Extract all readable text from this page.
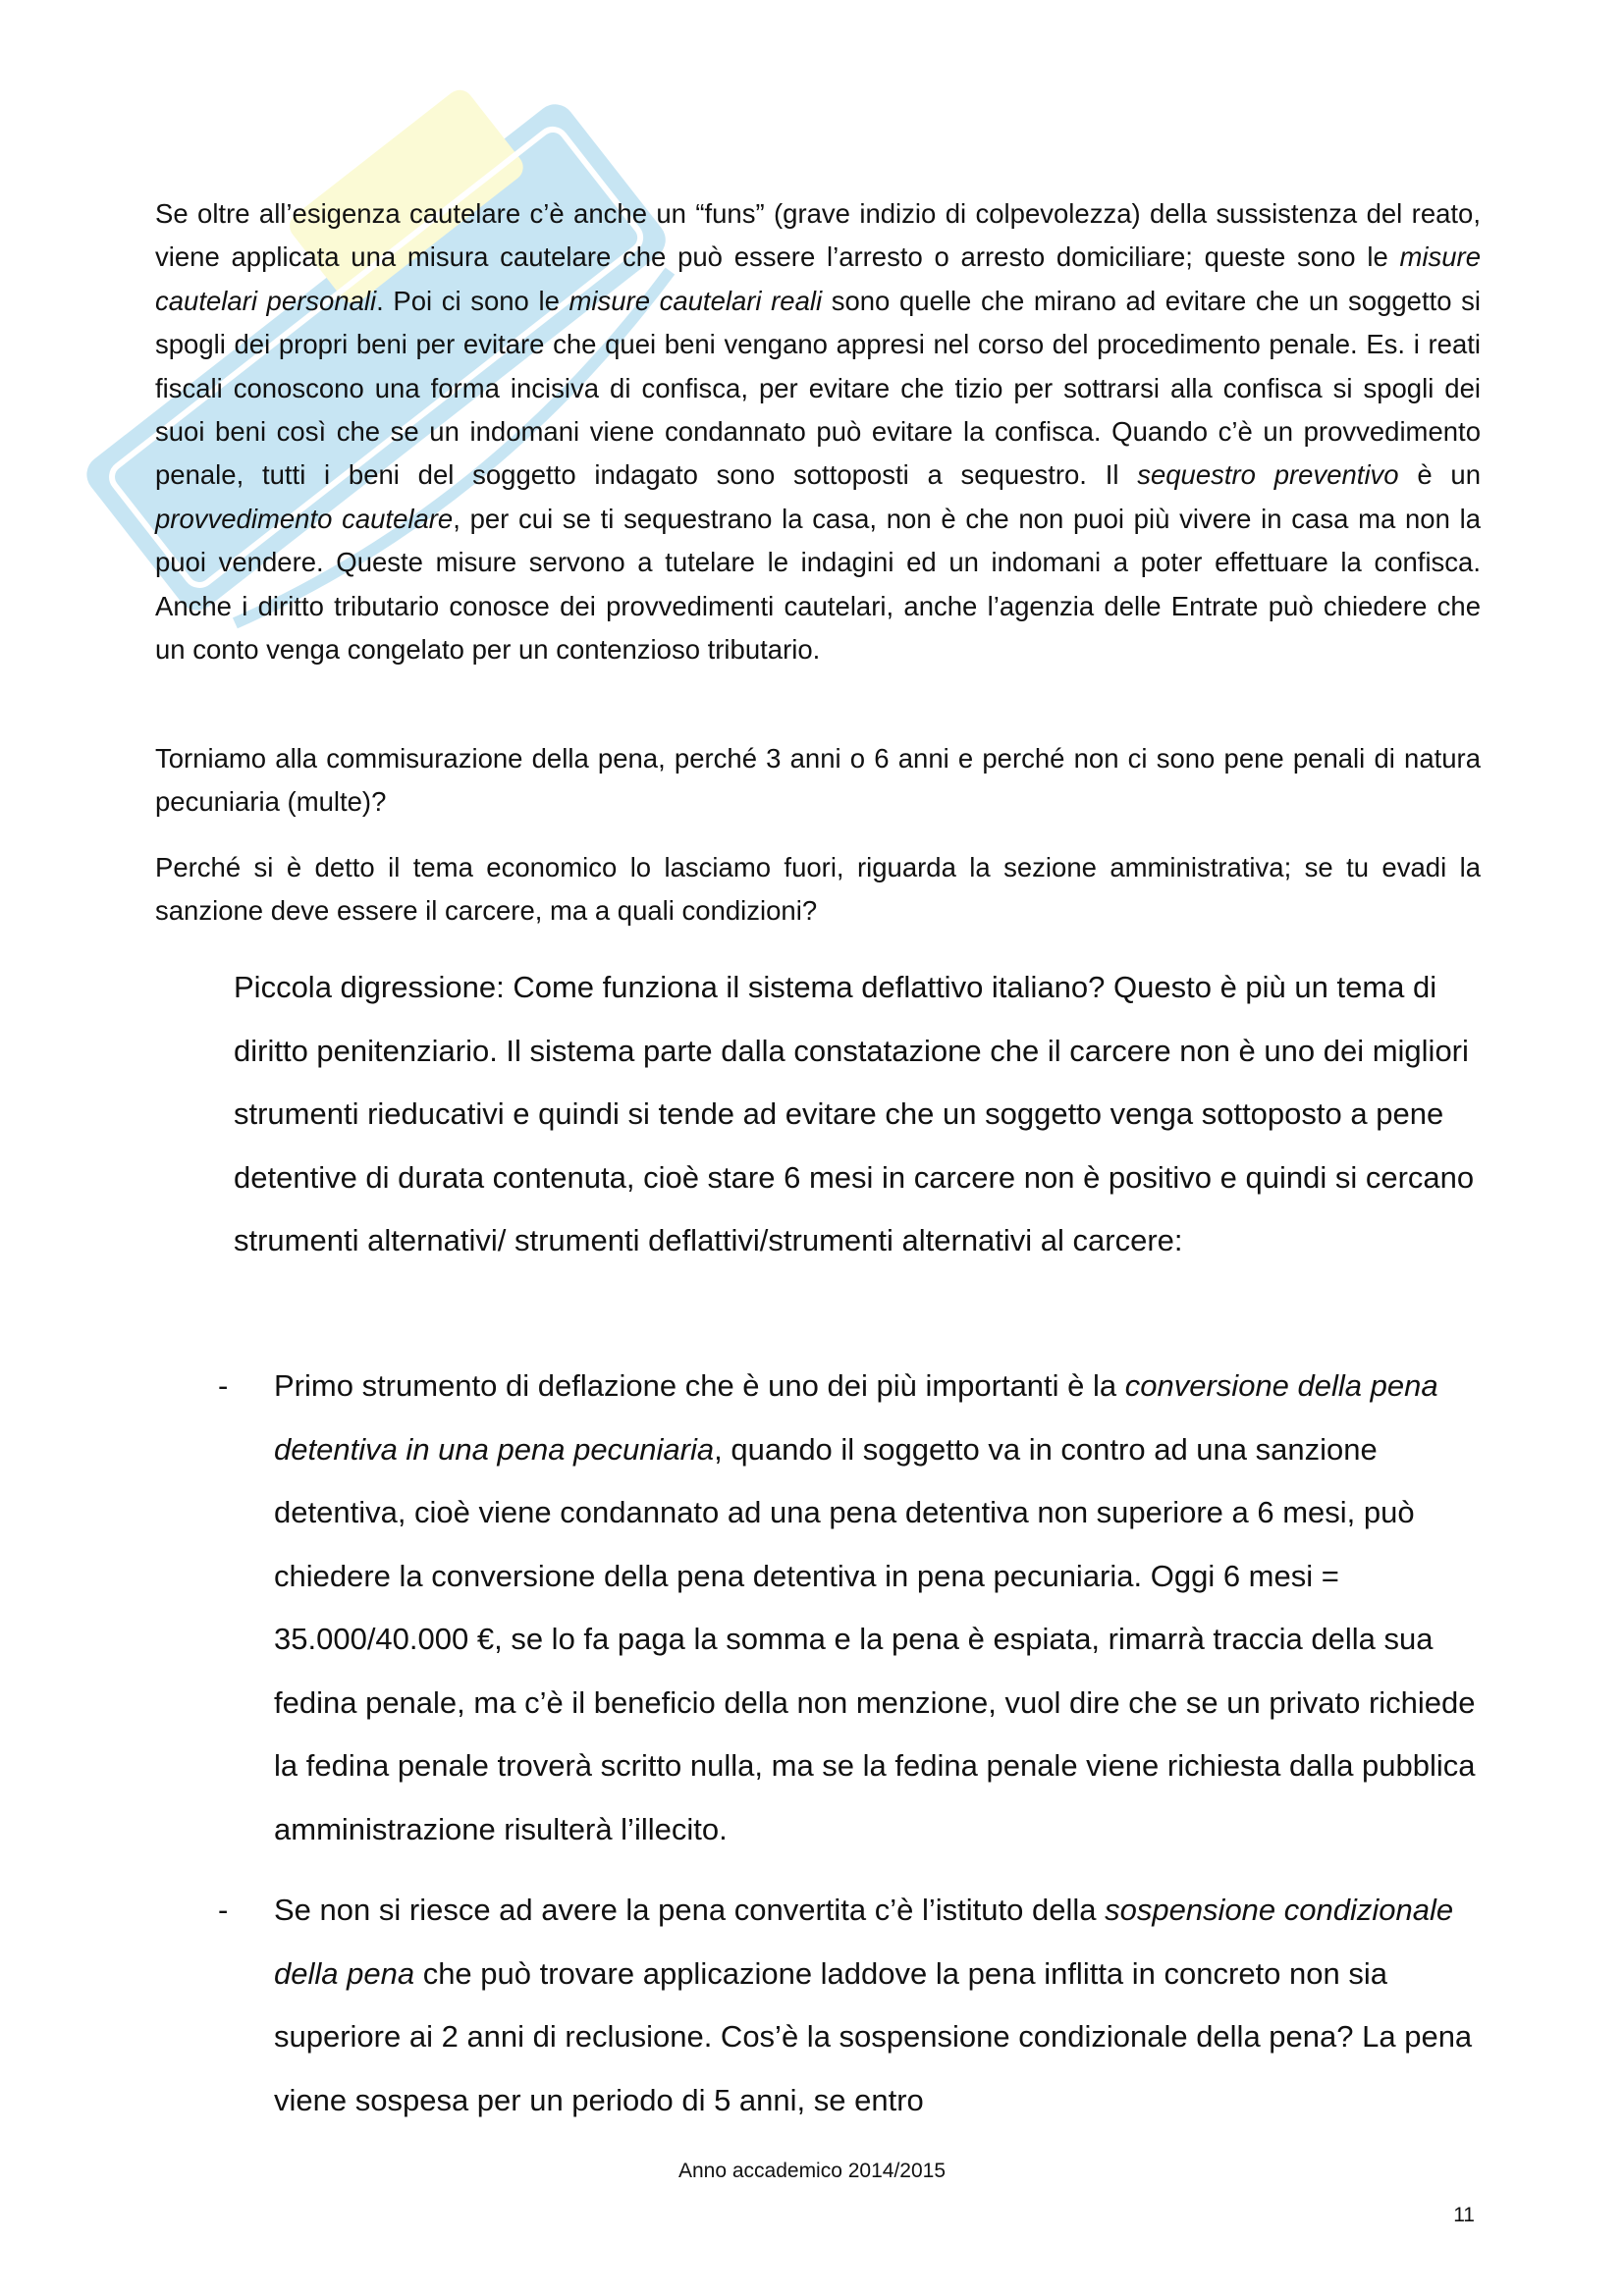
Se oltre all’esigenza cautelare c’è anche un “funs” (grave indizio di colpevolezza) della sussistenza del reato, viene applicata una misura cautelare che può essere l’arresto o arresto domiciliare; queste sono le misure cautelari personali. Poi ci sono le misure cautelari reali sono quelle che mirano ad evitare che un soggetto si spogli dei propri beni per evitare che quei beni vengano appresi nel corso del procedimento penale. Es. i reati fiscali conoscono una forma incisiva di confisca, per evitare che tizio per sottrarsi alla confisca si spogli dei suoi beni così che se un indomani viene condannato può evitare la confisca. Quando c’è un provvedimento penale, tutti i beni del soggetto indagato sono sottoposti a sequestro. Il sequestro preventivo è un provvedimento cautelare, per cui se ti sequestrano la casa, non è che non puoi più vivere in casa ma non la puoi vendere. Queste misure servono a tutelare le indagini ed un indomani a poter effettuare la confisca. Anche i diritto tributario conosce dei provvedimenti cautelari, anche l’agenzia delle Entrate può chiedere che un conto venga congelato per un contenzioso tributario.

Torniamo alla commisurazione della pena, perché 3 anni o 6 anni e perché non ci sono pene penali di natura pecuniaria (multe)?

Perché si è detto il tema economico lo lasciamo fuori, riguarda la sezione amministrativa; se tu evadi la sanzione deve essere il carcere, ma a quali condizioni?

Piccola digressione: Come funziona il sistema deflattivo italiano? Questo è più un tema di diritto penitenziario. Il sistema parte dalla constatazione che il carcere non è uno dei migliori strumenti rieducativi e quindi si tende ad evitare che un soggetto venga sottoposto a pene detentive di durata contenuta, cioè stare 6 mesi in carcere non è positivo e quindi si cercano strumenti alternativi/ strumenti deflattivi/strumenti alternativi al carcere:

- Primo strumento di deflazione che è uno dei più importanti è la conversione della pena detentiva in una pena pecuniaria, quando il soggetto va in contro ad una sanzione detentiva, cioè viene condannato ad una pena detentiva non superiore a 6 mesi, può chiedere la conversione della pena detentiva in pena pecuniaria. Oggi 6 mesi = 35.000/40.000 €, se lo fa paga la somma e la pena è espiata, rimarrà traccia della sua fedina penale, ma c’è il beneficio della non menzione, vuol dire che se un privato richiede la fedina penale troverà scritto nulla, ma se la fedina penale viene richiesta dalla pubblica amministrazione risulterà l’illecito.

- Se non si riesce ad avere la pena convertita c’è l’istituto della sospensione condizionale della pena che può trovare applicazione laddove la pena inflitta in concreto non sia superiore ai 2 anni di reclusione. Cos’è la sospensione condizionale della pena? La pena viene sospesa per un periodo di 5 anni, se entro

Anno accademico 2014/2015
11
